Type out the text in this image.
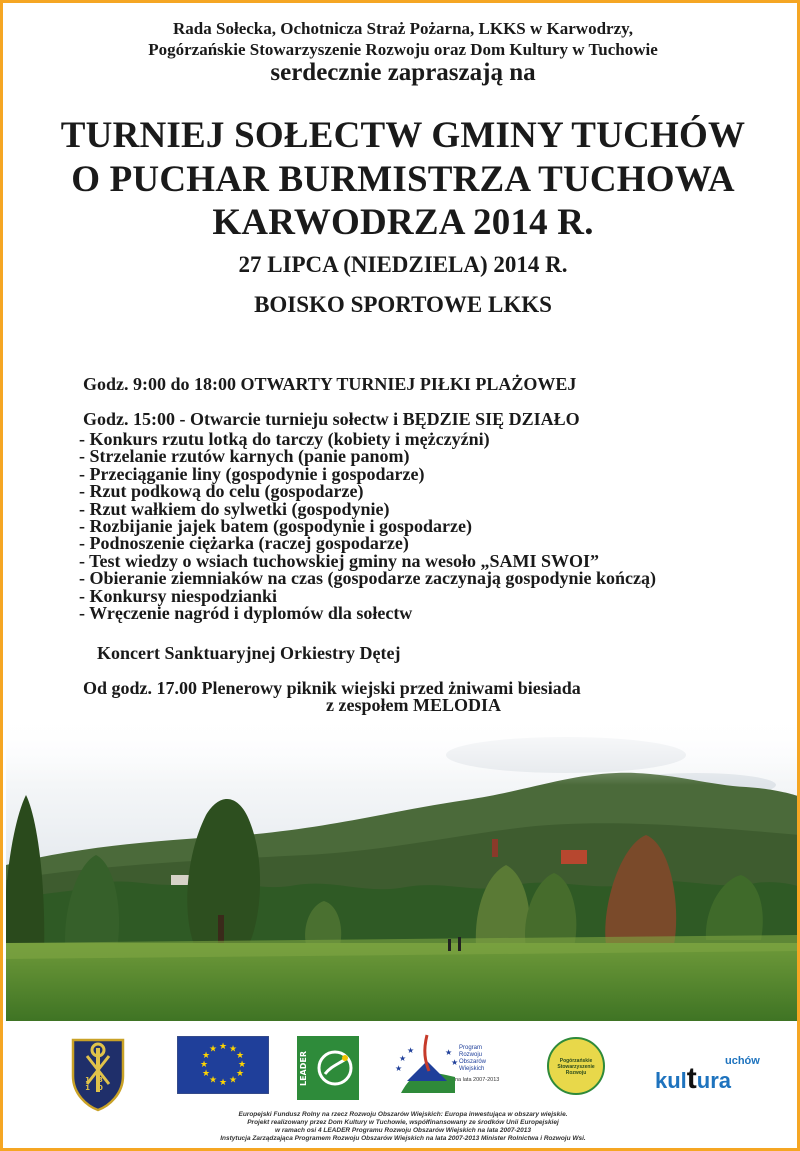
Rada Sołecka, Ochotnicza Straż Pożarna, LKKS w Karwodrzy,
Pogórzańskie Stowarzyszenie Rozwoju oraz Dom Kultury w Tuchowie
serdecznie zapraszają na
TURNIEJ SOŁECTW GMINY TUCHÓW
O PUCHAR BURMISTRZA TUCHOWA
KARWODRZA 2014 R.
27 LIPCA (NIEDZIELA) 2014 R.
BOISKO SPORTOWE LKKS
Godz. 9:00 do 18:00 OTWARTY TURNIEJ PIŁKI PLAŻOWEJ
Godz. 15:00 - Otwarcie turnieju sołectw i BĘDZIE SIĘ DZIAŁO
- Konkurs rzutu lotką do tarczy (kobiety i mężczyźni)
- Strzelanie rzutów karnych (panie panom)
- Przeciąganie liny (gospodynie i gospodarze)
- Rzut podkową do celu (gospodarze)
- Rzut wałkiem do sylwetki (gospodynie)
- Rozbijanie jajek batem (gospodynie i gospodarze)
- Podnoszenie ciężarka (raczej gospodarze)
- Test wiedzy o wsiach tuchowskiej gminy na wesoło „SAMI SWOI”
- Obieranie ziemniaków na czas (gospodarze zaczynają gospodynie kończą)
- Konkursy niespodzianki
- Wręczenie nagród i dyplomów dla sołectw
Koncert Sanktuaryjnej Orkiestry Dętej
Od godz. 17.00 Plenerowy piknik wiejski przed żniwami biesiada
z zespołem MELODIA
13 10
★ ★
★
★
★
★
★
★
★
★
★
★
LEADER	★
★
★	★
★
Program
Rozwoju
Obszarów
Wiejskich
na lata 2007-2013
Pogórzańskie
Stowarzyszenie
Rozwoju
uchów
kultura
Europejski Fundusz Rolny na rzecz Rozwoju Obszarów Wiejskich: Europa inwestująca w obszary wiejskie.
Projekt realizowany przez Dom Kultury w Tuchowie, współfinansowany ze środków Unii Europejskiej
w ramach osi 4 LEADER Programu Rozwoju Obszarów Wiejskich na lata 2007-2013
Instytucja Zarządzająca Programem Rozwoju Obszarów Wiejskich na lata 2007-2013 Minister Rolnictwa i Rozwoju Wsi.
